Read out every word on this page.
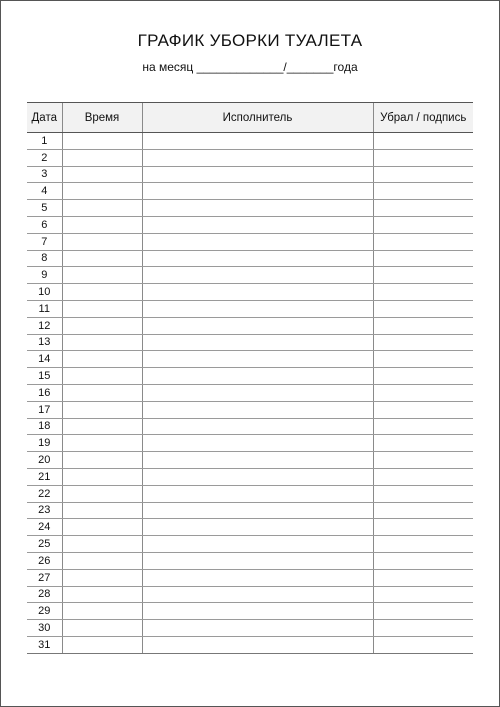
ГРАФИК УБОРКИ ТУАЛЕТА
на месяц _____________/_______года
Дата	Время	Исполнитель	Убрал / подпись
1			
2			
3			
4			
5			
6			
7			
8			
9			
10			
11			
12			
13			
14			
15			
16			
17			
18			
19			
20			
21			
22			
23			
24			
25			
26			
27			
28			
29			
30			
31			
